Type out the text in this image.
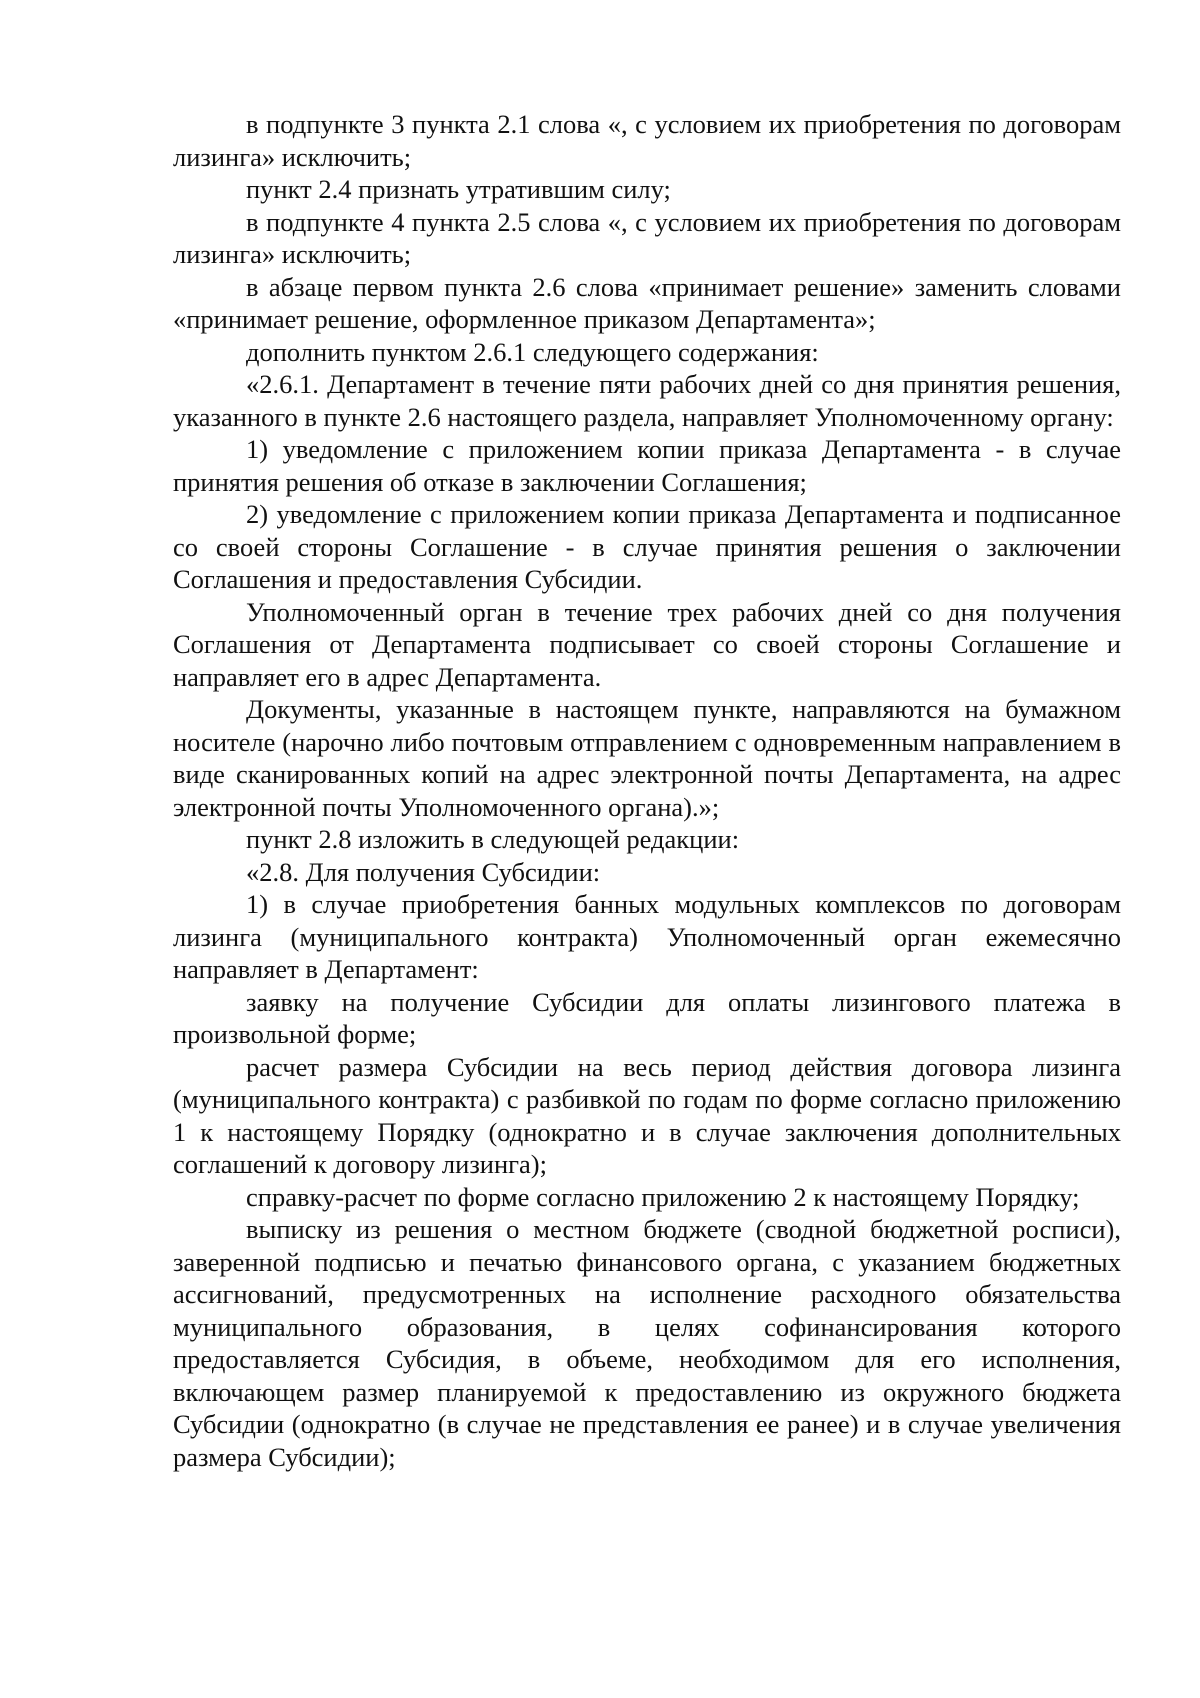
в подпункте 3 пункта 2.1 слова «, с условием их приобретения по договорам лизинга» исключить;

пункт 2.4 признать утратившим силу;

в подпункте 4 пункта 2.5 слова «, с условием их приобретения по договорам лизинга» исключить;

в абзаце первом пункта 2.6 слова «принимает решение» заменить словами «принимает решение, оформленное приказом Департамента»;

дополнить пунктом 2.6.1 следующего содержания:

«2.6.1. Департамент в течение пяти рабочих дней со дня принятия решения, указанного в пункте 2.6 настоящего раздела, направляет Уполномоченному органу:

1) уведомление с приложением копии приказа Департамента - в случае принятия решения об отказе в заключении Соглашения;

2) уведомление с приложением копии приказа Департамента и подписанное со своей стороны Соглашение - в случае принятия решения о заключении Соглашения и предоставления Субсидии.

Уполномоченный орган в течение трех рабочих дней со дня получения Соглашения от Департамента подписывает со своей стороны Соглашение и направляет его в адрес Департамента.

Документы, указанные в настоящем пункте, направляются на бумажном носителе (нарочно либо почтовым отправлением с одновременным направлением в виде сканированных копий на адрес электронной почты Департамента, на адрес электронной почты Уполномоченного органа).»;

пункт 2.8 изложить в следующей редакции:

«2.8. Для получения Субсидии:

1) в случае приобретения банных модульных комплексов по договорам лизинга (муниципального контракта) Уполномоченный орган ежемесячно направляет в Департамент:

заявку на получение Субсидии для оплаты лизингового платежа в произвольной форме;

расчет размера Субсидии на весь период действия договора лизинга (муниципального контракта) с разбивкой по годам по форме согласно приложению 1 к настоящему Порядку (однократно и в случае заключения дополнительных соглашений к договору лизинга);

справку-расчет по форме согласно приложению 2 к настоящему Порядку;

выписку из решения о местном бюджете (сводной бюджетной росписи), заверенной подписью и печатью финансового органа, с указанием бюджетных ассигнований, предусмотренных на исполнение расходного обязательства муниципального образования, в целях софинансирования которого предоставляется Субсидия, в объеме, необходимом для его исполнения, включающем размер планируемой к предоставлению из окружного бюджета Субсидии (однократно (в случае не представления ее ранее) и в случае увеличения размера Субсидии);
